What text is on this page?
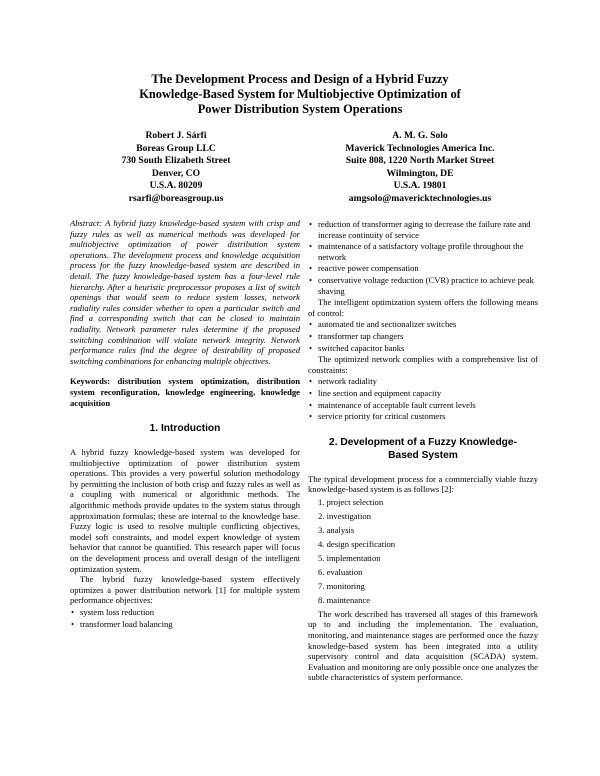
The Development Process and Design of a Hybrid Fuzzy
Knowledge-Based System for Multiobjective Optimization of
Power Distribution System Operations
Robert J. Sárfi
Boreas Group LLC
730 South Elizabeth Street
Denver, CO
U.S.A. 80209
rsarfi@boreasgroup.us
A. M. G. Solo
Maverick Technologies America Inc.
Suite 808, 1220 North Market Street
Wilmington, DE
U.S.A. 19801
amgsolo@mavericktechnologies.us

Abstract: A hybrid fuzzy knowledge-based system with crisp and fuzzy rules as well as numerical methods was developed for multiobjective optimization of power distribution system operations. The development process and knowledge acquisition process for the fuzzy knowledge-based system are described in detail. The fuzzy knowledge-based system has a four-level rule hierarchy. After a heuristic preprocessor proposes a list of switch openings that would seem to reduce system losses, network radiality rules consider whether to open a particular switch and find a corresponding switch that can be closed to maintain radiality. Network parameter rules determine if the proposed switching combination will violate network integrity. Network performance rules find the degree of desirability of proposed switching combinations for enhancing multiple objectives.

Keywords: distribution system optimization, distribution system reconfiguration, knowledge engineering, knowledge acquisition

1. Introduction

A hybrid fuzzy knowledge-based system was developed for multiobjective optimization of power distribution system operations. This provides a very powerful solution methodology by permitting the inclusion of both crisp and fuzzy rules as well as a coupling with numerical or algorithmic methods. The algorithmic methods provide updates to the system status through approximation formulas; these are internal to the knowledge base. Fuzzy logic is used to resolve multiple conflicting objectives, model soft constraints, and model expert knowledge of system behavior that cannot be quantified. This research paper will focus on the development process and overall design of the intelligent optimization system.

The hybrid fuzzy knowledge-based system effectively optimizes a power distribution network [1] for multiple system performance objectives:

• system loss reduction
• transformer load balancing
• reduction of transformer aging to decrease the failure rate and increase continuity of service
• maintenance of a satisfactory voltage profile throughout the network
• reactive power compensation
• conservative voltage reduction (CVR) practice to achieve peak shaving

The intelligent optimization system offers the following means of control:

• automated tie and sectionalizer switches
• transformer tap changers
• switched capacitor banks

The optimized network complies with a comprehensive list of constraints:

• network radiality
• line section and equipment capacity
• maintenance of acceptable fault current levels
• service priority for critical customers
2. Development of a Fuzzy Knowledge-
Based System

The typical development process for a commercially viable fuzzy knowledge-based system is as follows [2]:

1. project selection
2. investigation
3. analysis
4. design specification
5. implementation
6. evaluation
7. monitoring
8. maintenance

The work described has traversed all stages of this framework up to and including the implementation. The evaluation, monitoring, and maintenance stages are performed once the fuzzy knowledge-based system has been integrated into a utility supervisory control and data acquisition (SCADA) system. Evaluation and monitoring are only possible once one analyzes the subtle characteristics of system performance.
